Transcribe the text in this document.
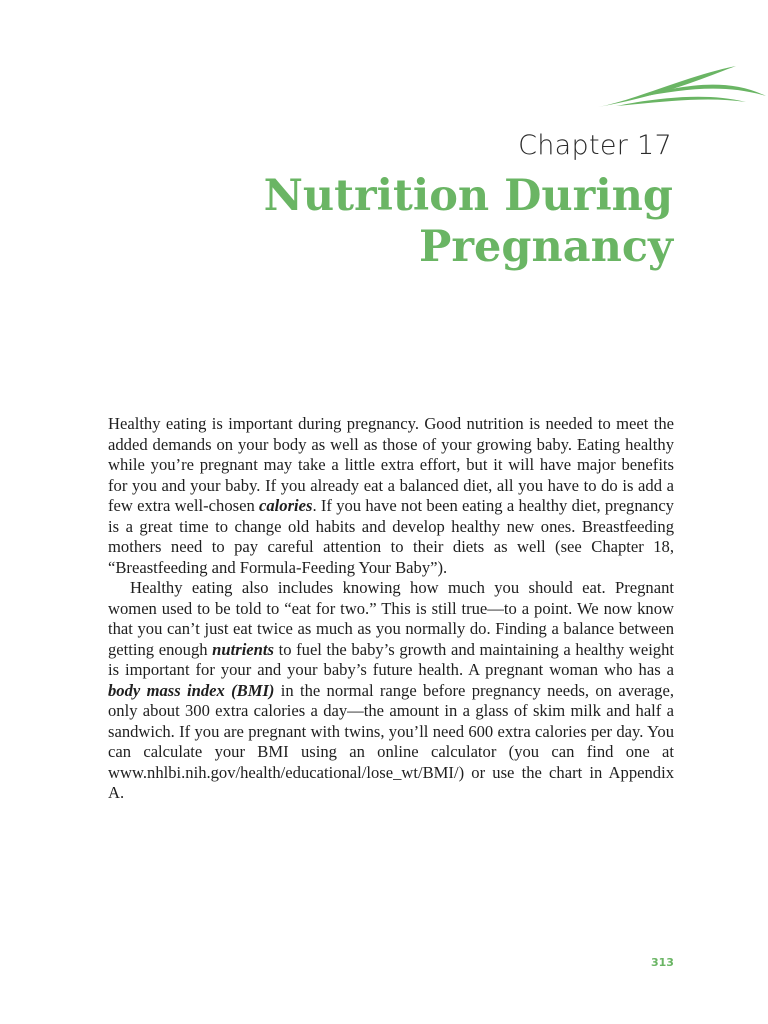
Chapter 17
Nutrition During
Pregnancy

Healthy eating is important during pregnancy. Good nutrition is needed to meet the added demands on your body as well as those of your growing baby. Eating healthy while you’re pregnant may take a little extra effort, but it will have major benefits for you and your baby. If you already eat a balanced diet, all you have to do is add a few extra well-chosen calories. If you have not been eating a healthy diet, pregnancy is a great time to change old habits and develop healthy new ones. Breastfeeding mothers need to pay careful attention to their diets as well (see Chapter 18, “Breastfeeding and Formula-Feeding Your Baby”).

Healthy eating also includes knowing how much you should eat. Pregnant women used to be told to “eat for two.” This is still true—to a point. We now know that you can’t just eat twice as much as you normally do. Finding a balance between getting enough nutrients to fuel the baby’s growth and maintaining a healthy weight is important for your and your baby’s future health. A pregnant woman who has a body mass index (BMI) in the normal range before pregnancy needs, on average, only about 300 extra calories a day—the amount in a glass of skim milk and half a sandwich. If you are pregnant with twins, you’ll need 600 extra calories per day. You can calculate your BMI using an online calculator (you can find one at www.nhlbi.nih.gov/health/educational/lose_wt/BMI/) or use the chart in Appendix A.

313
